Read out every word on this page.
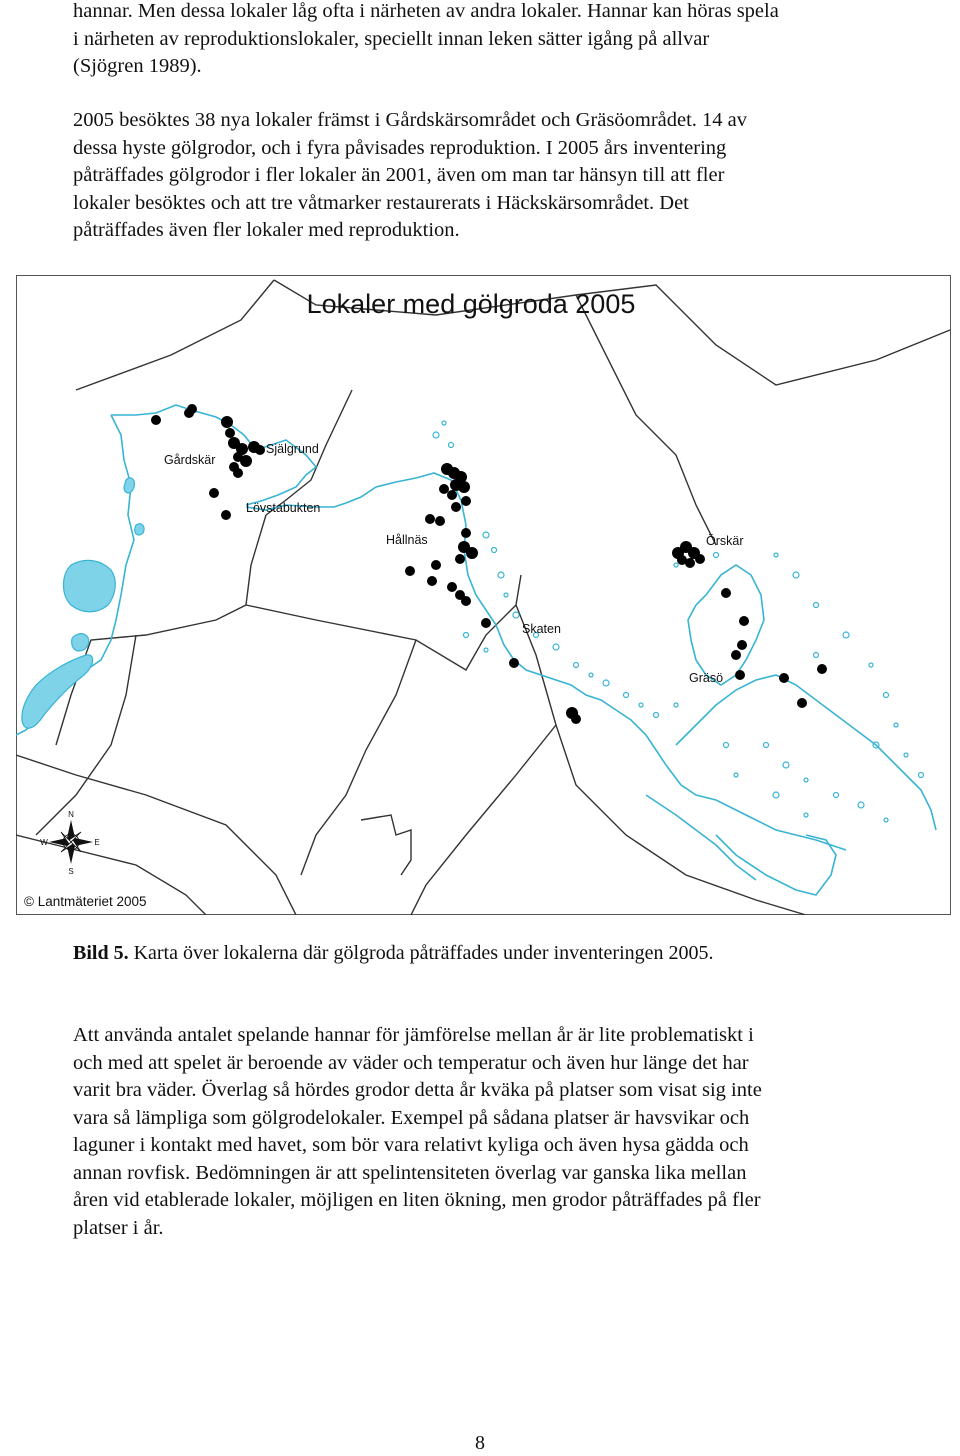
hannar. Men dessa lokaler låg ofta i närheten av andra lokaler. Hannar kan höras spela
i närheten av reproduktionslokaler, speciellt innan leken sätter igång på allvar
(Sjögren 1989).
2005 besöktes 38 nya lokaler främst i Gårdskärsområdet och Gräsöområdet. 14 av
dessa hyste gölgrodor, och i fyra påvisades reproduktion. I 2005 års inventering
påträffades gölgrodor i fler lokaler än 2001, även om man tar hänsyn till att fler
lokaler besöktes och att tre våtmarker restaurerats i Häckskärsområdet. Det
påträffades även fler lokaler med reproduktion.
Lokaler med gölgroda 2005
Gårdskär
Själgrund
Lövstabukten
Hållnäs
Skaten
Örskär
Gräsö
N
E
S
W
© Lantmäteriet 2005
Bild 5. Karta över lokalerna där gölgroda påträffades under inventeringen 2005.
Att använda antalet spelande hannar för jämförelse mellan år är lite problematiskt i
och med att spelet är beroende av väder och temperatur och även hur länge det har
varit bra väder. Överlag så hördes grodor detta år kväka på platser som visat sig inte
vara så lämpliga som gölgrodelokaler. Exempel på sådana platser är havsvikar och
laguner i kontakt med havet, som bör vara relativt kyliga och även hysa gädda och
annan rovfisk. Bedömningen är att spelintensiteten överlag var ganska lika mellan
åren vid etablerade lokaler, möjligen en liten ökning, men grodor påträffades på fler
platser i år.
8
